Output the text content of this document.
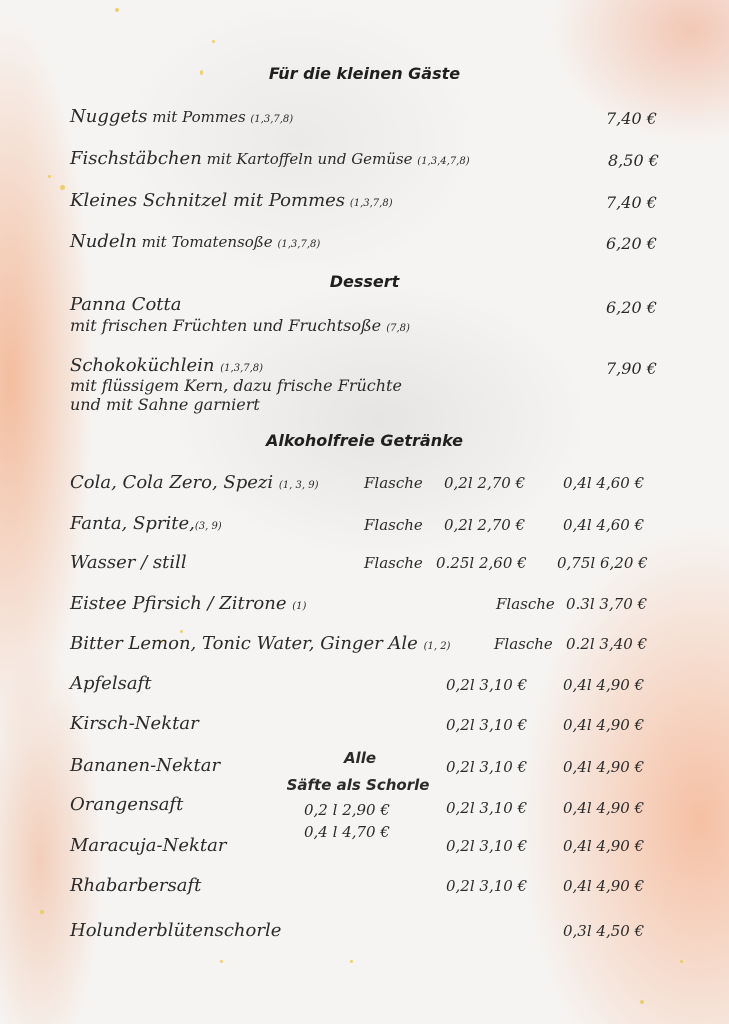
Für die kleinen Gäste
Nuggets mit Pommes (1,3,7,8)	7,40 €
Fischstäbchen mit Kartoffeln und Gemüse (1,3,4,7,8)	8,50 €
Kleines Schnitzel mit Pommes (1,3,7,8)	7,40 €
Nudeln mit Tomatensoße (1,3,7,8)	6,20 €
Dessert
Panna Cotta
mit frischen Früchten und Fruchtsoße (7,8)
6,20 €
Schokoküchlein (1,3,7,8)
mit flüssigem Kern, dazu frische Früchte
und mit Sahne garniert
7,90 €
Alkoholfreie Getränke
Cola, Cola Zero, Spezi (1, 3, 9)	Flasche 0,2l 2,70 €	0,4l 4,60 €
Fanta, Sprite,(3, 9)	Flasche 0,2l 2,70 €	0,4l 4,60 €
Wasser / still	Flasche 0.25l 2,60 € 0,75l 6,20 €
Eistee Pfirsich / Zitrone (1)	Flasche 0.3l 3,70 €
Bitter Lemon, Tonic Water, Ginger Ale (1, 2)	Flasche 0.2l 3,40 €
Apfelsaft	0,2l 3,10 € 0,4l 4,90 €
Kirsch-Nektar	0,2l 3,10 € 0,4l 4,90 €
Bananen-Nektar	0,2l 3,10 € 0,4l 4,90 €
Orangensaft	0,2l 3,10 € 0,4l 4,90 €
Maracuja-Nektar	0,2l 3,10 € 0,4l 4,90 €
Rhabarbersaft	0,2l 3,10 € 0,4l 4,90 €
Holunderblütenschorle	0,3l 4,50 €
Alle
Säfte als Schorle
0,2 l 2,90 €
0,4 l 4,70 €
